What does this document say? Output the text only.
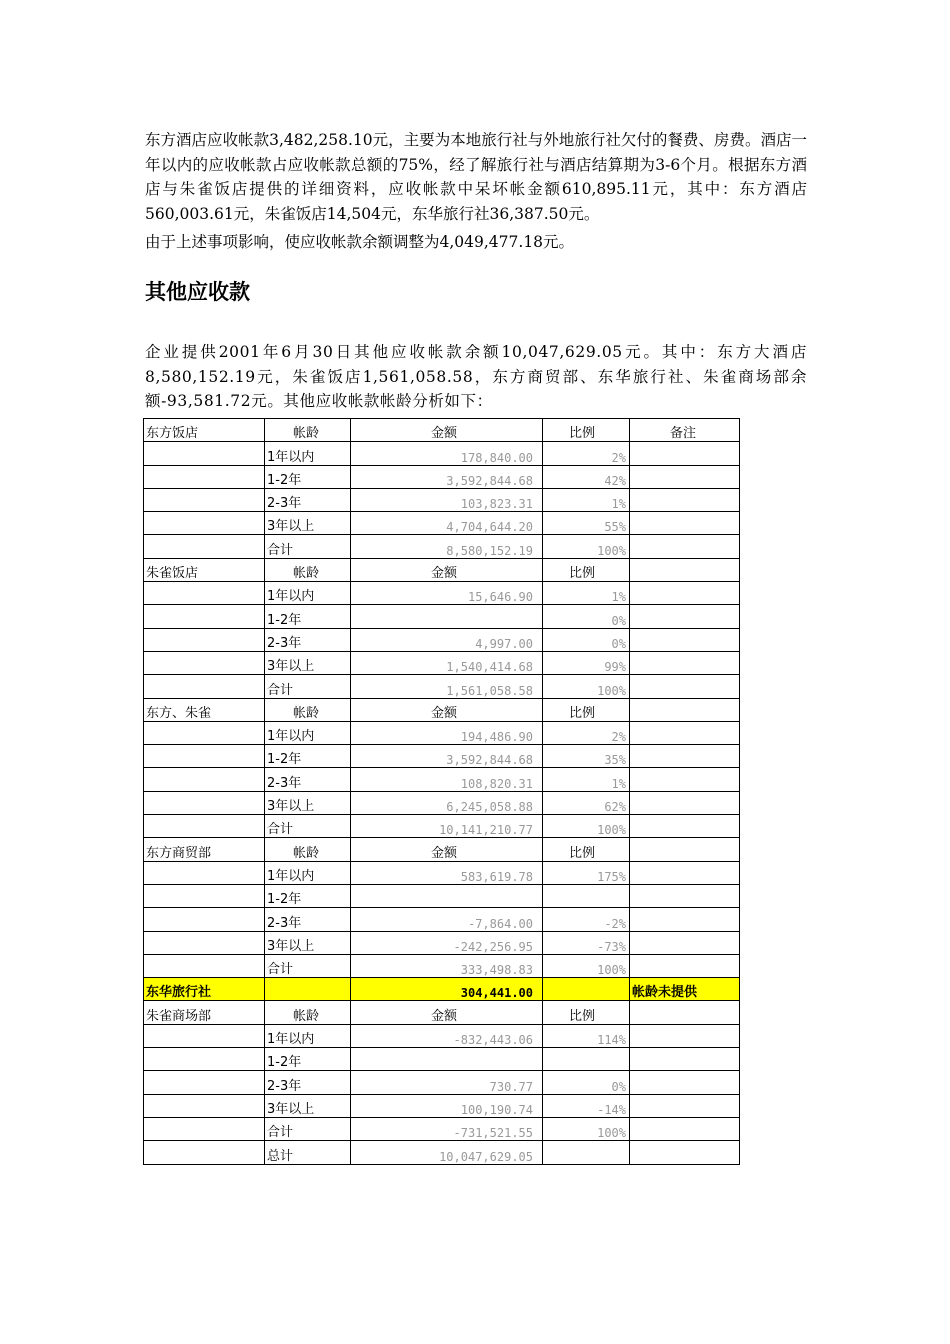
东方酒店应收帐款3,482,258.10元，主要为本地旅行社与外地旅行社欠付的餐费、房费。酒店一年以内的应收帐款占应收帐款总额的75%，经了解旅行社与酒店结算期为3-6个月。根据东方酒店与朱雀饭店提供的详细资料，应收帐款中呆坏帐金额610,895.11元，其中：东方酒店560,003.61元，朱雀饭店14,504元，东华旅行社36,387.50元。
由于上述事项影响，使应收帐款余额调整为4,049,477.18元。
其他应收款
企业提供2001年6月30日其他应收帐款余额10,047,629.05元。其中：东方大酒店8,580,152.19元，朱雀饭店1,561,058.58，东方商贸部、东华旅行社、朱雀商场部余额-93,581.72元。其他应收帐款帐龄分析如下：
东方饭店	帐龄	金额	比例	备注
	1年以内	178,840.00	2%	
	1-2年	3,592,844.68	42%	
	2-3年	103,823.31	1%	
	3年以上	4,704,644.20	55%	
	合计	8,580,152.19	100%	
朱雀饭店	帐龄	金额	比例	
	1年以内	15,646.90	1%	
	1-2年		0%	
	2-3年	4,997.00	0%	
	3年以上	1,540,414.68	99%	
	合计	1,561,058.58	100%	
东方、朱雀	帐龄	金额	比例	
	1年以内	194,486.90	2%	
	1-2年	3,592,844.68	35%	
	2-3年	108,820.31	1%	
	3年以上	6,245,058.88	62%	
	合计	10,141,210.77	100%	
东方商贸部	帐龄	金额	比例	
	1年以内	583,619.78	175%	
	1-2年			
	2-3年	-7,864.00	-2%	
	3年以上	-242,256.95	-73%	
	合计	333,498.83	100%	
东华旅行社		304,441.00		帐龄未提供
朱雀商场部	帐龄	金额	比例	
	1年以内	-832,443.06	114%	
	1-2年			
	2-3年	730.77	0%	
	3年以上	100,190.74	-14%	
	合计	-731,521.55	100%	
	总计	10,047,629.05		
